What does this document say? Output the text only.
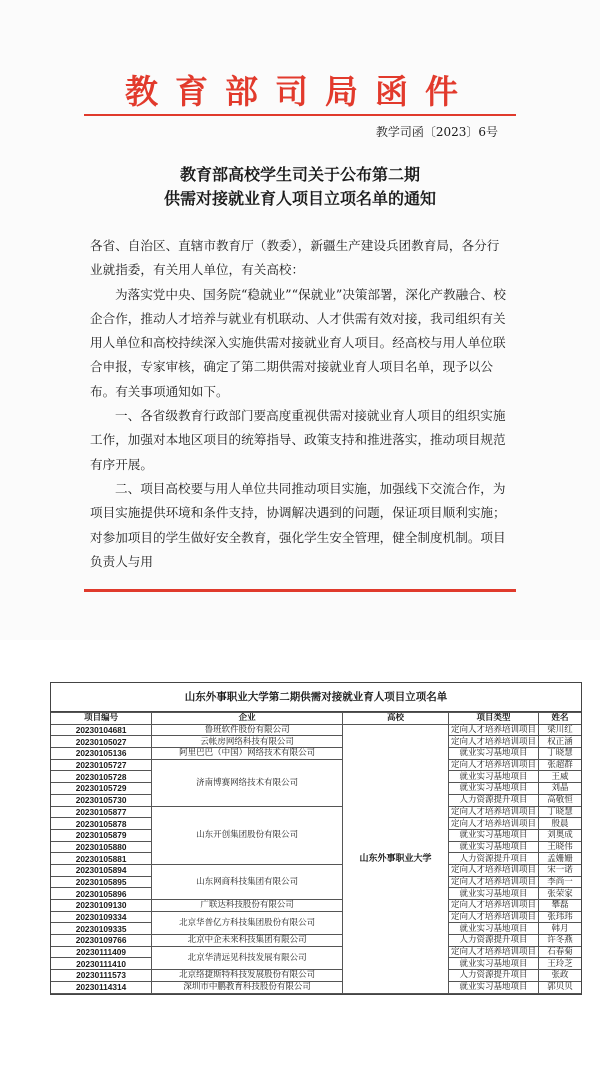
教育部司局函件
教学司函〔2023〕6号
教育部高校学生司关于公布第二期
供需对接就业育人项目立项名单的通知

各省、自治区、直辖市教育厅（教委），新疆生产建设兵团教育局，各分行业就指委，有关用人单位，有关高校：

为落实党中央、国务院“稳就业”“保就业”决策部署，深化产教融合、校企合作，推动人才培养与就业有机联动、人才供需有效对接，我司组织有关用人单位和高校持续深入实施供需对接就业育人项目。经高校与用人单位联合申报，专家审核，确定了第二期供需对接就业育人项目名单，现予以公布。有关事项通知如下。

一、各省级教育行政部门要高度重视供需对接就业育人项目的组织实施工作，加强对本地区项目的统筹指导、政策支持和推进落实，推动项目规范有序开展。

二、项目高校要与用人单位共同推动项目实施，加强线下交流合作，为项目实施提供环境和条件支持，协调解决遇到的问题，保证项目顺利实施；对参加项目的学生做好安全教育，强化学生安全管理，健全制度机制。项目负责人与用

山东外事职业大学第二期供需对接就业育人项目立项名单
项目编号	企业	高校	项目类型	姓名
20230104681	鲁班软件股份有限公司	山东外事职业大学	定向人才培养培训项目	梁川红
20230105027	云帐房网络科技有限公司		定向人才培养培训项目	权正涵
20230105136	阿里巴巴（中国）网络技术有限公司		就业实习基地项目	丁晓慧
20230105727	济南博赛网络技术有限公司		定向人才培养培训项目	张超群
20230105728			就业实习基地项目	王威
20230105729			就业实习基地项目	刘晶
20230105730			人力资源提升项目	高敬恒
20230105877	山东开创集团股份有限公司		定向人才培养培训项目	丁晓慧
20230105878			定向人才培养培训项目	殷晨
20230105879			就业实习基地项目	刘奥成
20230105880			就业实习基地项目	王晓伟
20230105881			人力资源提升项目	孟姗姗
20230105894	山东网商科技集团有限公司		定向人才培养培训项目	宋一诺
20230105895			定向人才培养培训项目	李尚一
20230105896			就业实习基地项目	张荣家
20230109130	广联达科技股份有限公司		定向人才培养培训项目	攀磊
20230109334	北京华普亿方科技集团股份有限公司		定向人才培养培训项目	张玮玮
20230109335			就业实习基地项目	韩月
20230109766	北京中企未来科技集团有限公司		人力资源提升项目	许冬燕
20230111409	北京华清远见科技发展有限公司		定向人才培养培训项目	石春菊
20230111410			就业实习基地项目	王玲芝
20230111573	北京络捷斯特科技发展股份有限公司		人力资源提升项目	张政
20230114314	深圳市中鹏教育科技股份有限公司		就业实习基地项目	郭贝贝
